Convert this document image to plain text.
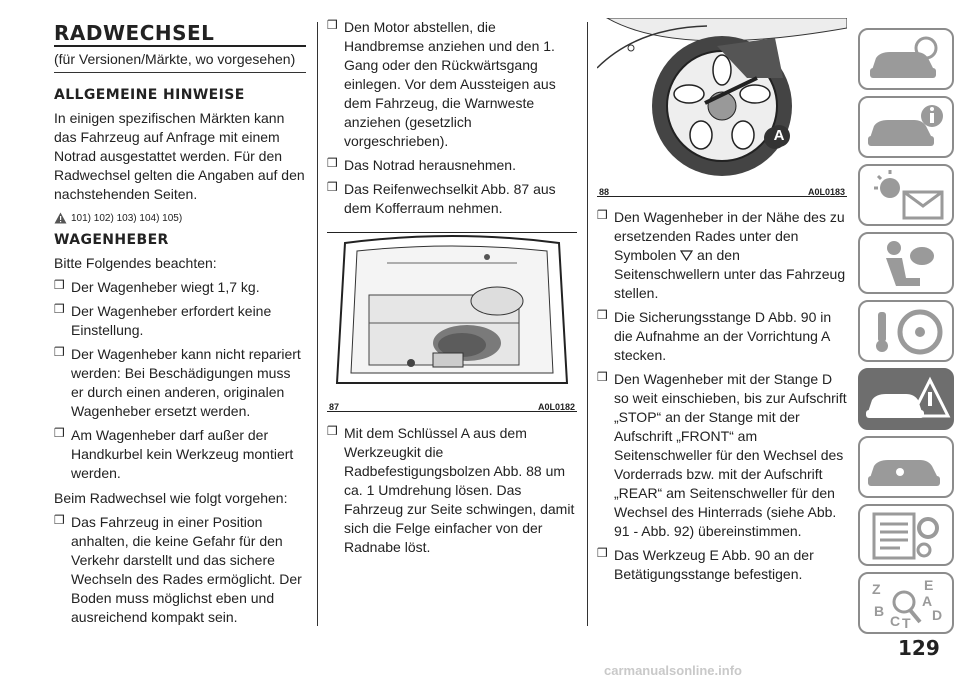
RADWECHSEL

(für Versionen/Märkte, wo vorgesehen)

ALLGEMEINE HINWEISE

In einigen spezifischen Märkten kann das Fahrzeug auf Anfrage mit einem Notrad ausgestattet werden. Für den Radwechsel gelten die Angaben auf den nachstehenden Seiten.

101) 102) 103) 104) 105)
WAGENHEBER

Bitte Folgendes beachten:

❒ Der Wagenheber wiegt 1,7 kg.
❒ Der Wagenheber erfordert keine Einstellung.
❒ Der Wagenheber kann nicht repariert werden: Bei Beschädigungen muss er durch einen anderen, originalen Wagenheber ersetzt werden.
❒ Am Wagenheber darf außer der Handkurbel kein Werkzeug montiert werden.

Beim Radwechsel wie folgt vorgehen:

❒ Das Fahrzeug in einer Position anhalten, die keine Gefahr für den Verkehr darstellt und das sichere Wechseln des Rades ermöglicht. Der Boden muss möglichst eben und ausreichend kompakt sein.
❒ Den Motor abstellen, die Handbremse anziehen und den 1. Gang oder den Rückwärtsgang einlegen. Vor dem Aussteigen aus dem Fahrzeug, die Warnweste anziehen (gesetzlich vorgeschrieben).
❒ Das Notrad herausnehmen.
❒ Das Reifenwechselkit Abb. 87 aus dem Kofferraum nehmen.
87	A0L0182
❒ Mit dem Schlüssel A aus dem Werkzeugkit die Radbefestigungsbolzen Abb. 88 um ca. 1 Umdrehung lösen. Das Fahrzeug zur Seite schwingen, damit sich die Felge einfacher von der Radnabe löst.
A
88	A0L0183
❒ Den Wagenheber in der Nähe des zu ersetzenden Rades unter den Symbolen an den Seitenschwellern unter das Fahrzeug stellen.
❒ Die Sicherungsstange D Abb. 90 in die Aufnahme an der Vorrichtung A stecken.
❒ Den Wagenheber mit der Stange D so weit einschieben, bis zur Aufschrift „STOP“ an der Stange mit der Aufschrift „FRONT“ am Seitenschweller für den Wechsel des Vorderrads bzw. mit der Aufschrift „REAR“ am Seitenschweller für den Wechsel des Hinterrads (siehe Abb. 91 - Abb. 92) übereinstimmen.
❒ Das Werkzeug E Abb. 90 an der Betätigungsstange befestigen.
Z	E
A
B
C T D
129
carmanualsonline.info
